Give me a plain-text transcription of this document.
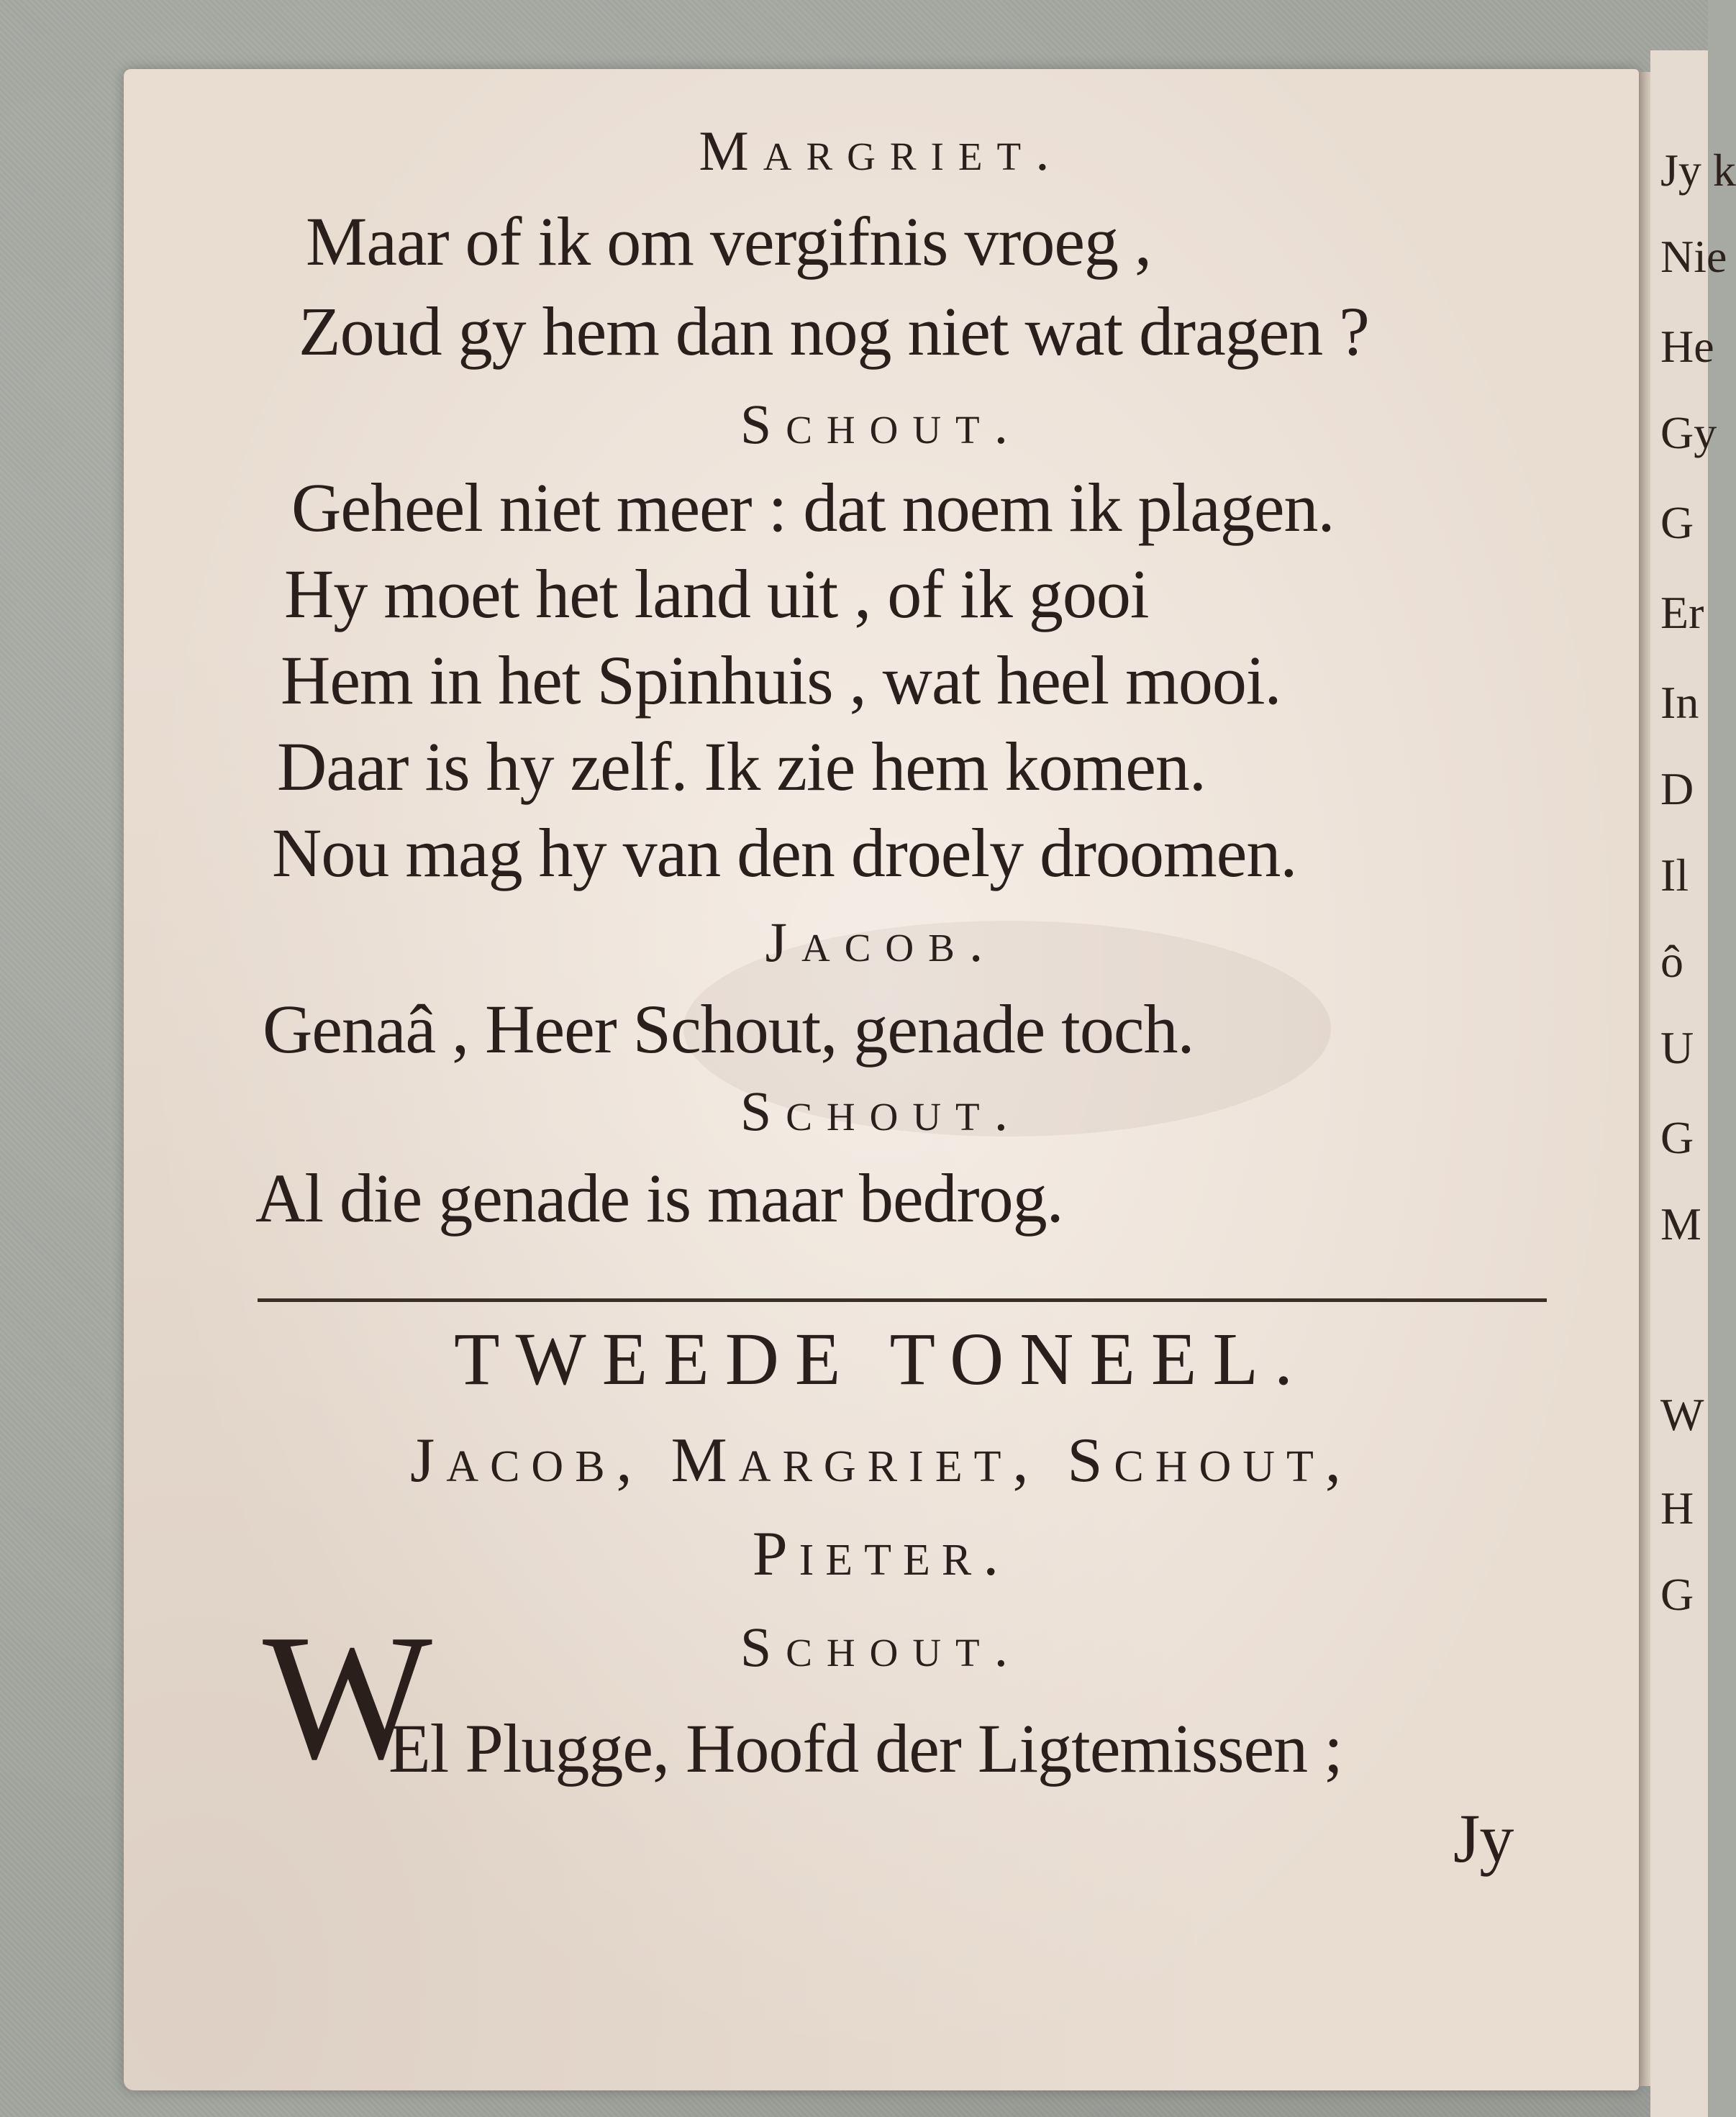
Jy k
Nie
He
Gy
G
Er
In
D
Il
ô
U
G
M
W
H
G
Margriet.
Maar of ik om vergifnis vroeg ,
Zoud gy hem dan nog niet wat dragen ?
Schout.
Geheel niet meer : dat noem ik plagen.
Hy moet het land uit , of ik gooi
Hem in het Spinhuis , wat heel mooi.
Daar is hy zelf. Ik zie hem komen.
Nou mag hy van den droely droomen.
Jacob.
Genaâ , Heer Schout, genade toch.
Schout.
Al die genade is maar bedrog.
TWEEDE TONEEL.
Jacob, Margriet, Schout,
Pieter.
Schout.
W
El Plugge, Hoofd der Ligtemissen ;
Jy
